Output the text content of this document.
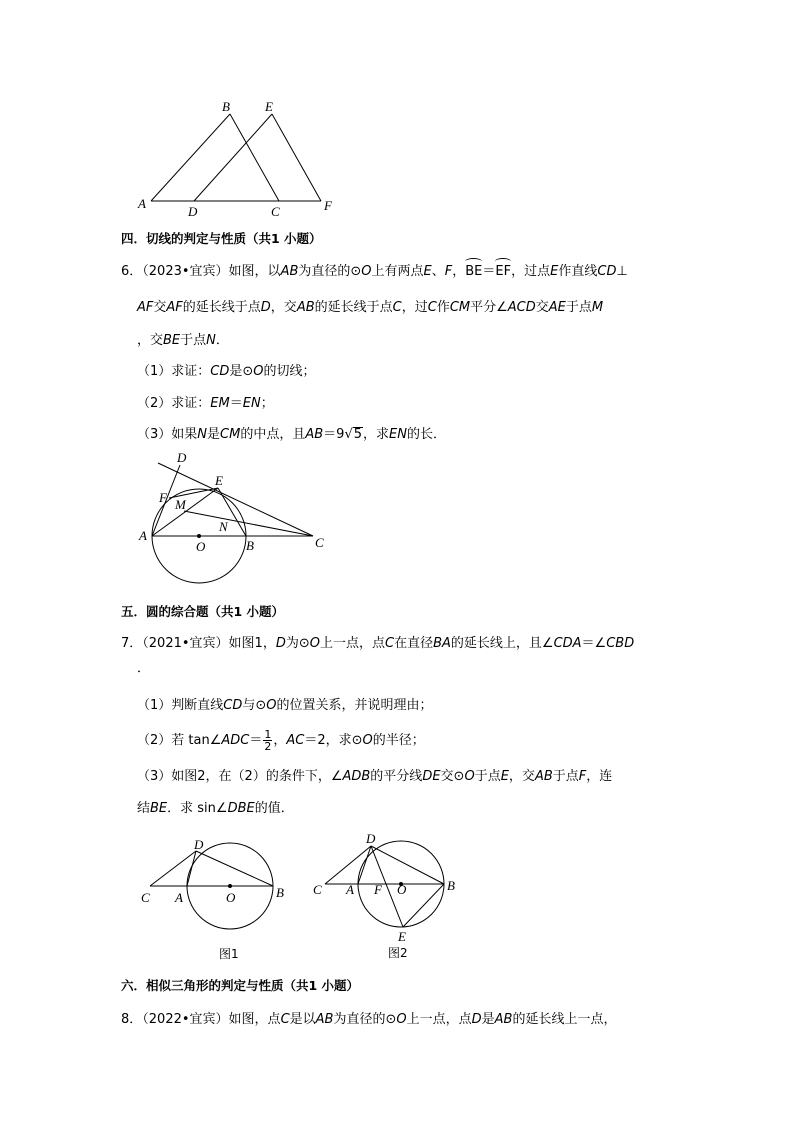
A
B	E
D	C	F
四．切线的判定与性质（共1 小题）
6．（2023•宜宾）如图，以AB为直径的⊙O上有两点E、F，BE＝EF，过点E作直线CD⊥
AF交AF的延长线于点D，交AB的延长线于点C，过C作CM平分∠ACD交AE于点M
，交BE于点N．
（1）求证：CD是⊙O的切线；
（2）求证：EM＝EN；
（3）如果N是CM的中点，且AB＝9√5，求EN的长．
D
E
F M
N
A
O	B	C
五．圆的综合题（共1 小题）
7．（2021•宜宾）如图1，D为⊙O上一点，点C在直径BA的延长线上，且∠CDA＝∠CBD
．
（1）判断直线CD与⊙O的位置关系，并说明理由；
（2）若 tan∠ADC＝ $\frac{1}{2}$ ，AC＝2，求⊙O的半径；
（3）如图2，在（2）的条件下，∠ADB的平分线DE交⊙O于点E，交AB于点F，连
结BE．求 sin∠DBE的值．
D
C A	O	B
图1
D
C A F O	B
E
图2
六．相似三角形的判定与性质（共1 小题）
8．（2022•宜宾）如图，点C是以AB为直径的⊙O上一点，点D是AB的延长线上一点，
